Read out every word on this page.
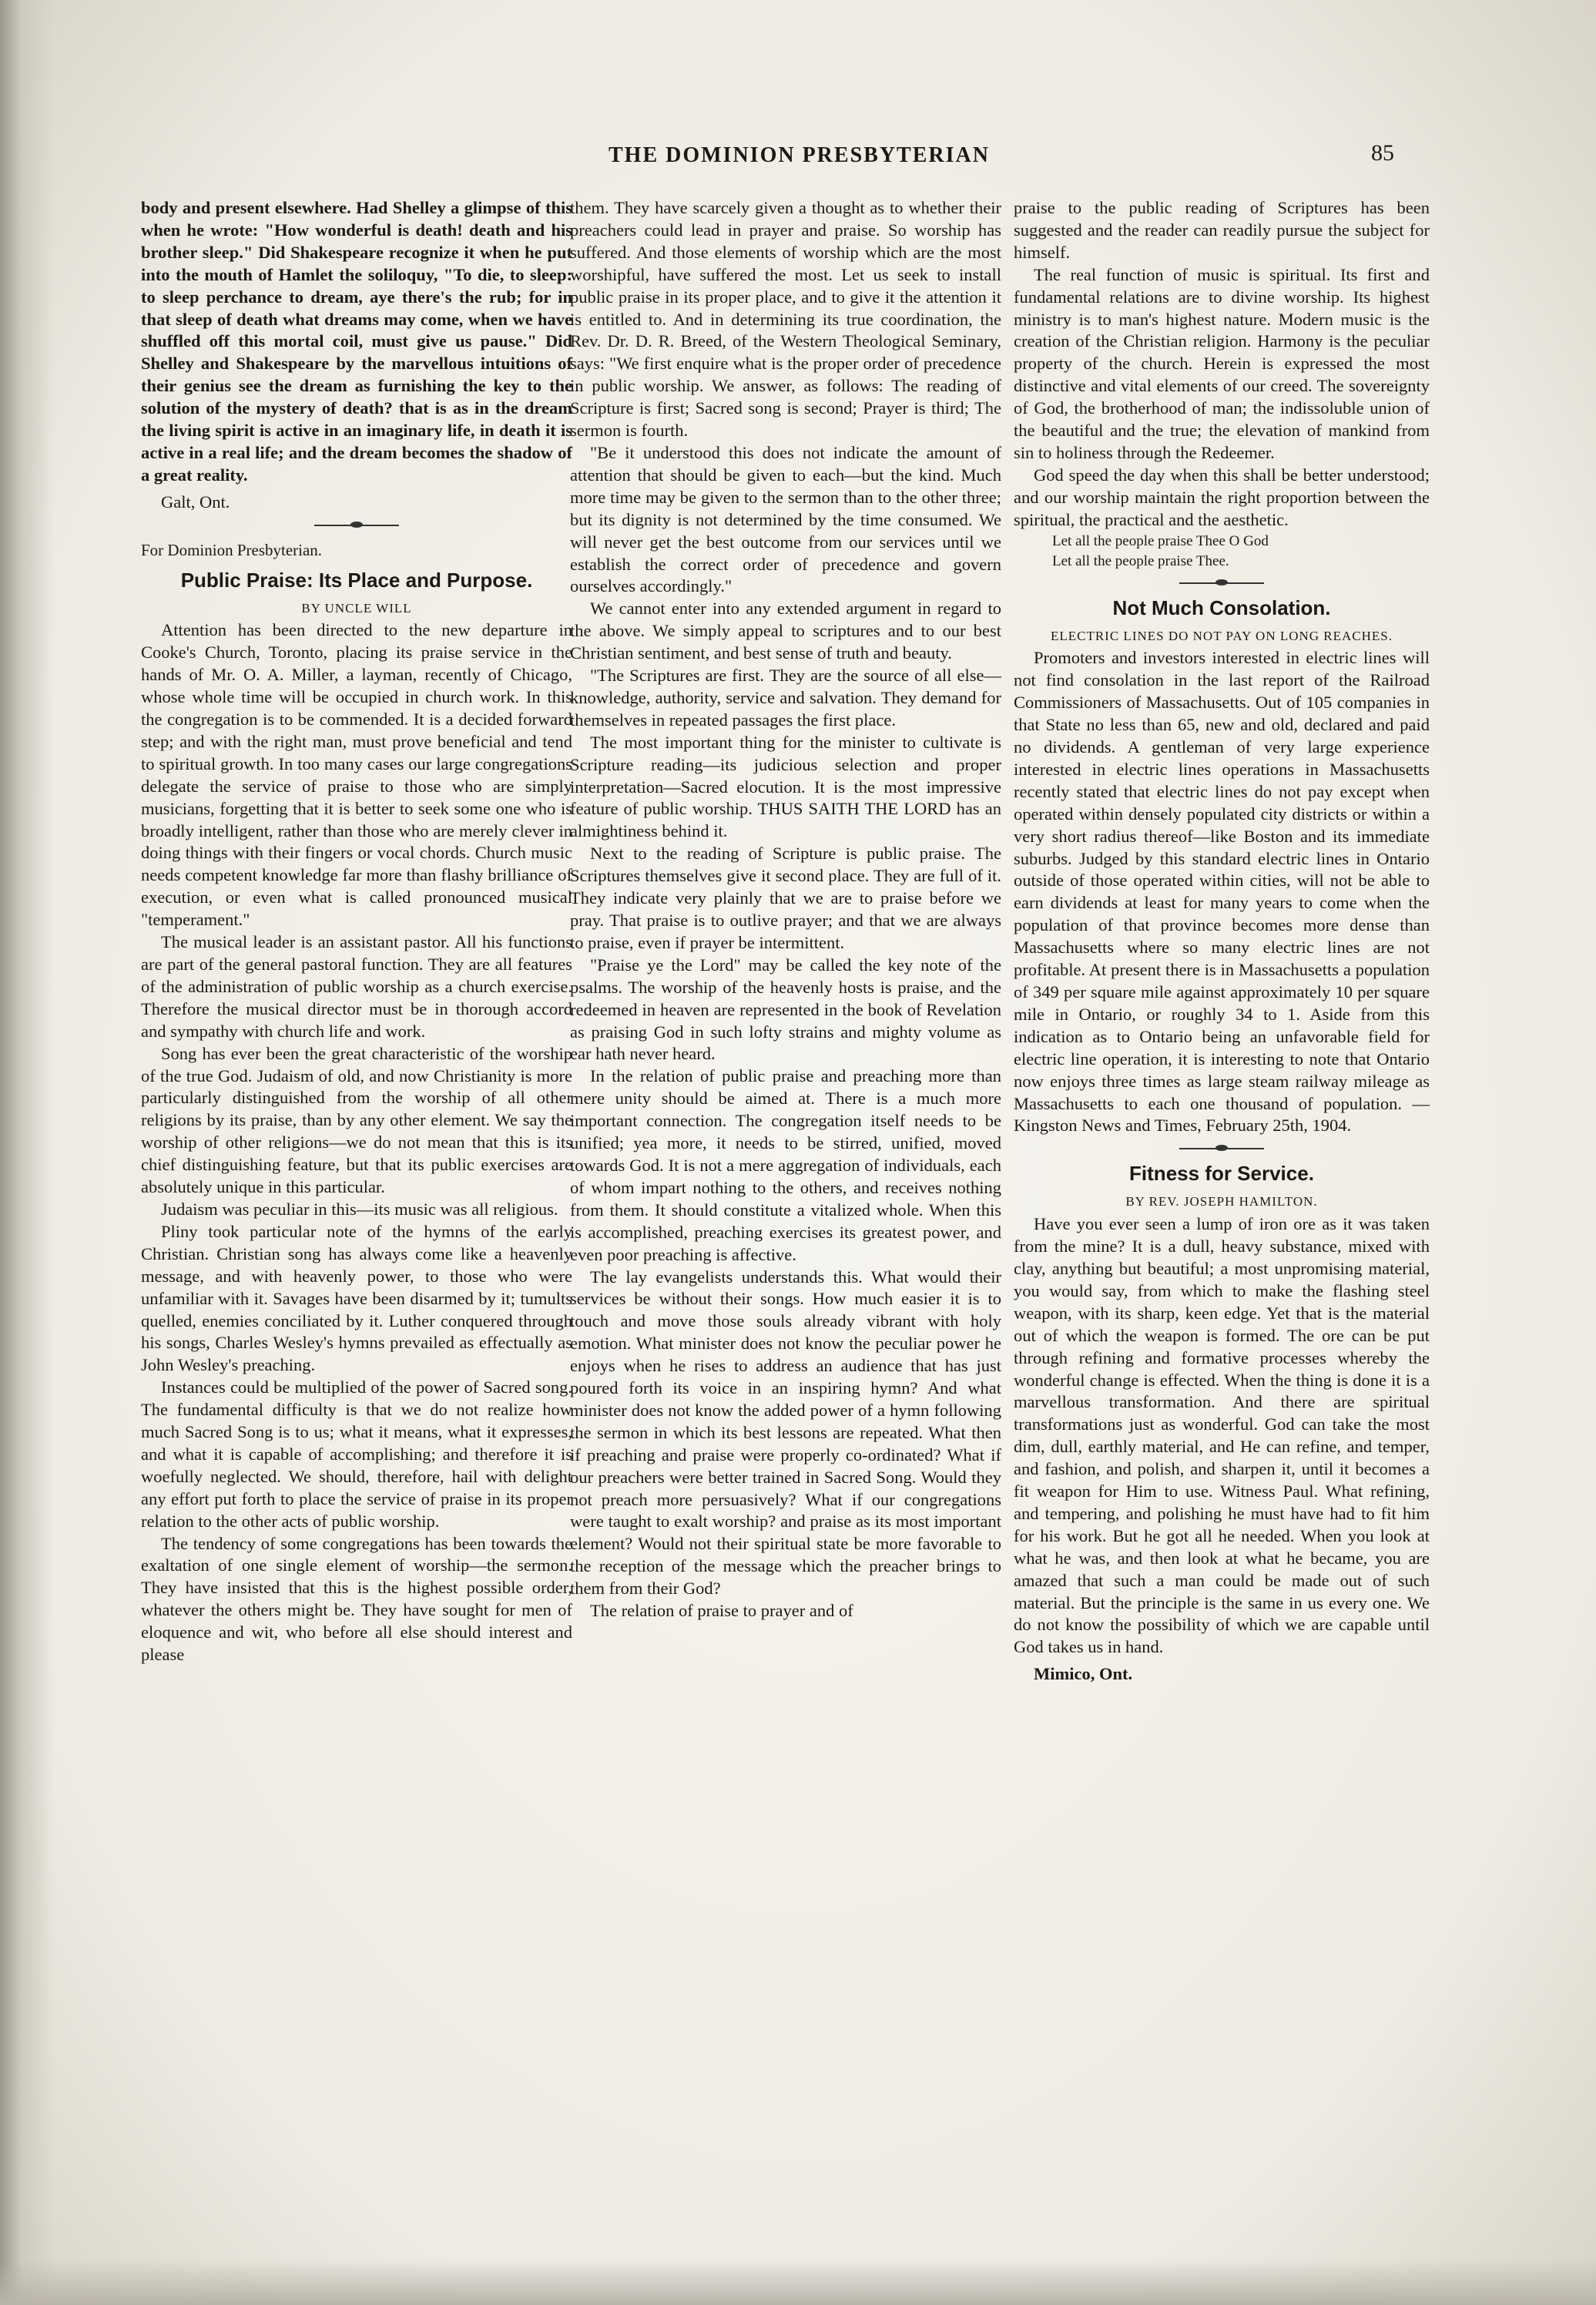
THE DOMINION PRESBYTERIAN	85

body and present elsewhere. Had Shelley a glimpse of this when he wrote: "How wonderful is death! death and his brother sleep." Did Shakespeare recognize it when he put into the mouth of Hamlet the soliloquy, "To die, to sleep: to sleep perchance to dream, aye there's the rub; for in that sleep of death what dreams may come, when we have shuffled off this mortal coil, must give us pause." Did Shelley and Shakespeare by the marvellous intuitions of their genius see the dream as furnishing the key to the solution of the mystery of death? that is as in the dream the living spirit is active in an imaginary life, in death it is active in a real life; and the dream becomes the shadow of a great reality.

Galt, Ont.

For Dominion Presbyterian.

Public Praise: Its Place and Purpose.

BY UNCLE WILL

Attention has been directed to the new departure in Cooke's Church, Toronto, placing its praise service in the hands of Mr. O. A. Miller, a layman, recently of Chicago, whose whole time will be occupied in church work. In this the congregation is to be commended. It is a decided forward step; and with the right man, must prove beneficial and tend to spiritual growth. In too many cases our large congregations delegate the service of praise to those who are simply musicians, forgetting that it is better to seek some one who is broadly intelligent, rather than those who are merely clever in doing things with their fingers or vocal chords. Church music needs competent knowledge far more than flashy brilliance of execution, or even what is called pronounced musical "temperament."

The musical leader is an assistant pastor. All his functions are part of the general pastoral function. They are all features of the administration of public worship as a church exercise. Therefore the musical director must be in thorough accord and sympathy with church life and work.

Song has ever been the great characteristic of the worship of the true God. Judaism of old, and now Christianity is more particularly distinguished from the worship of all other religions by its praise, than by any other element. We say the worship of other religions—we do not mean that this is its chief distinguishing feature, but that its public exercises are absolutely unique in this particular.

Judaism was peculiar in this—its music was all religious.

Pliny took particular note of the hymns of the early Christian. Christian song has always come like a heavenly message, and with heavenly power, to those who were unfamiliar with it. Savages have been disarmed by it; tumults quelled, enemies conciliated by it. Luther conquered through his songs, Charles Wesley's hymns prevailed as effectually as John Wesley's preaching.

Instances could be multiplied of the power of Sacred song. The fundamental difficulty is that we do not realize how much Sacred Song is to us; what it means, what it expresses, and what it is capable of accomplishing; and therefore it is woefully neglected. We should, therefore, hail with delight any effort put forth to place the service of praise in its proper relation to the other acts of public worship.

The tendency of some congregations has been towards the exaltation of one single element of worship—the sermon. They have insisted that this is the highest possible order, whatever the others might be. They have sought for men of eloquence and wit, who before all else should interest and please

them. They have scarcely given a thought as to whether their preachers could lead in prayer and praise. So worship has suffered. And those elements of worship which are the most worshipful, have suffered the most. Let us seek to install public praise in its proper place, and to give it the attention it is entitled to. And in determining its true coordination, the Rev. Dr. D. R. Breed, of the Western Theological Seminary, says: "We first enquire what is the proper order of precedence in public worship. We answer, as follows: The reading of Scripture is first; Sacred song is second; Prayer is third; The sermon is fourth.

"Be it understood this does not indicate the amount of attention that should be given to each—but the kind. Much more time may be given to the sermon than to the other three; but its dignity is not determined by the time consumed. We will never get the best outcome from our services until we establish the correct order of precedence and govern ourselves accordingly."

We cannot enter into any extended argument in regard to the above. We simply appeal to scriptures and to our best Christian sentiment, and best sense of truth and beauty.

"The Scriptures are first. They are the source of all else—knowledge, authority, service and salvation. They demand for themselves in repeated passages the first place.

The most important thing for the minister to cultivate is Scripture reading—its judicious selection and proper interpretation—Sacred elocution. It is the most impressive feature of public worship. THUS SAITH THE LORD has an almightiness behind it.

Next to the reading of Scripture is public praise. The Scriptures themselves give it second place. They are full of it. They indicate very plainly that we are to praise before we pray. That praise is to outlive prayer; and that we are always to praise, even if prayer be intermittent.

"Praise ye the Lord" may be called the key note of the psalms. The worship of the heavenly hosts is praise, and the redeemed in heaven are represented in the book of Revelation as praising God in such lofty strains and mighty volume as ear hath never heard.

In the relation of public praise and preaching more than mere unity should be aimed at. There is a much more important connection. The congregation itself needs to be unified; yea more, it needs to be stirred, unified, moved towards God. It is not a mere aggregation of individuals, each of whom impart nothing to the others, and receives nothing from them. It should constitute a vitalized whole. When this is accomplished, preaching exercises its greatest power, and even poor preaching is affective.

The lay evangelists understands this. What would their services be without their songs. How much easier it is to touch and move those souls already vibrant with holy emotion. What minister does not know the peculiar power he enjoys when he rises to address an audience that has just poured forth its voice in an inspiring hymn? And what minister does not know the added power of a hymn following the sermon in which its best lessons are repeated. What then if preaching and praise were properly co-ordinated? What if our preachers were better trained in Sacred Song. Would they not preach more persuasively? What if our congregations were taught to exalt worship? and praise as its most important element? Would not their spiritual state be more favorable to the reception of the message which the preacher brings to them from their God?

The relation of praise to prayer and of

praise to the public reading of Scriptures has been suggested and the reader can readily pursue the subject for himself.

The real function of music is spiritual. Its first and fundamental relations are to divine worship. Its highest ministry is to man's highest nature. Modern music is the creation of the Christian religion. Harmony is the peculiar property of the church. Herein is expressed the most distinctive and vital elements of our creed. The sovereignty of God, the brotherhood of man; the indissoluble union of the beautiful and the true; the elevation of mankind from sin to holiness through the Redeemer.

God speed the day when this shall be better understood; and our worship maintain the right proportion between the spiritual, the practical and the aesthetic.

Let all the people praise Thee O God

Let all the people praise Thee.

Not Much Consolation.

ELECTRIC LINES DO NOT PAY ON LONG REACHES.

Promoters and investors interested in electric lines will not find consolation in the last report of the Railroad Commissioners of Massachusetts. Out of 105 companies in that State no less than 65, new and old, declared and paid no dividends. A gentleman of very large experience interested in electric lines operations in Massachusetts recently stated that electric lines do not pay except when operated within densely populated city districts or within a very short radius thereof—like Boston and its immediate suburbs. Judged by this standard electric lines in Ontario outside of those operated within cities, will not be able to earn dividends at least for many years to come when the population of that province becomes more dense than Massachusetts where so many electric lines are not profitable. At present there is in Massachusetts a population of 349 per square mile against approximately 10 per square mile in Ontario, or roughly 34 to 1. Aside from this indication as to Ontario being an unfavorable field for electric line operation, it is interesting to note that Ontario now enjoys three times as large steam railway mileage as Massachusetts to each one thousand of population. — Kingston News and Times, February 25th, 1904.

Fitness for Service.

BY REV. JOSEPH HAMILTON.

Have you ever seen a lump of iron ore as it was taken from the mine? It is a dull, heavy substance, mixed with clay, anything but beautiful; a most unpromising material, you would say, from which to make the flashing steel weapon, with its sharp, keen edge. Yet that is the material out of which the weapon is formed. The ore can be put through refining and formative processes whereby the wonderful change is effected. When the thing is done it is a marvellous transformation. And there are spiritual transformations just as wonderful. God can take the most dim, dull, earthly material, and He can refine, and temper, and fashion, and polish, and sharpen it, until it becomes a fit weapon for Him to use. Witness Paul. What refining, and tempering, and polishing he must have had to fit him for his work. But he got all he needed. When you look at what he was, and then look at what he became, you are amazed that such a man could be made out of such material. But the principle is the same in us every one. We do not know the possibility of which we are capable until God takes us in hand.

Mimico, Ont.
